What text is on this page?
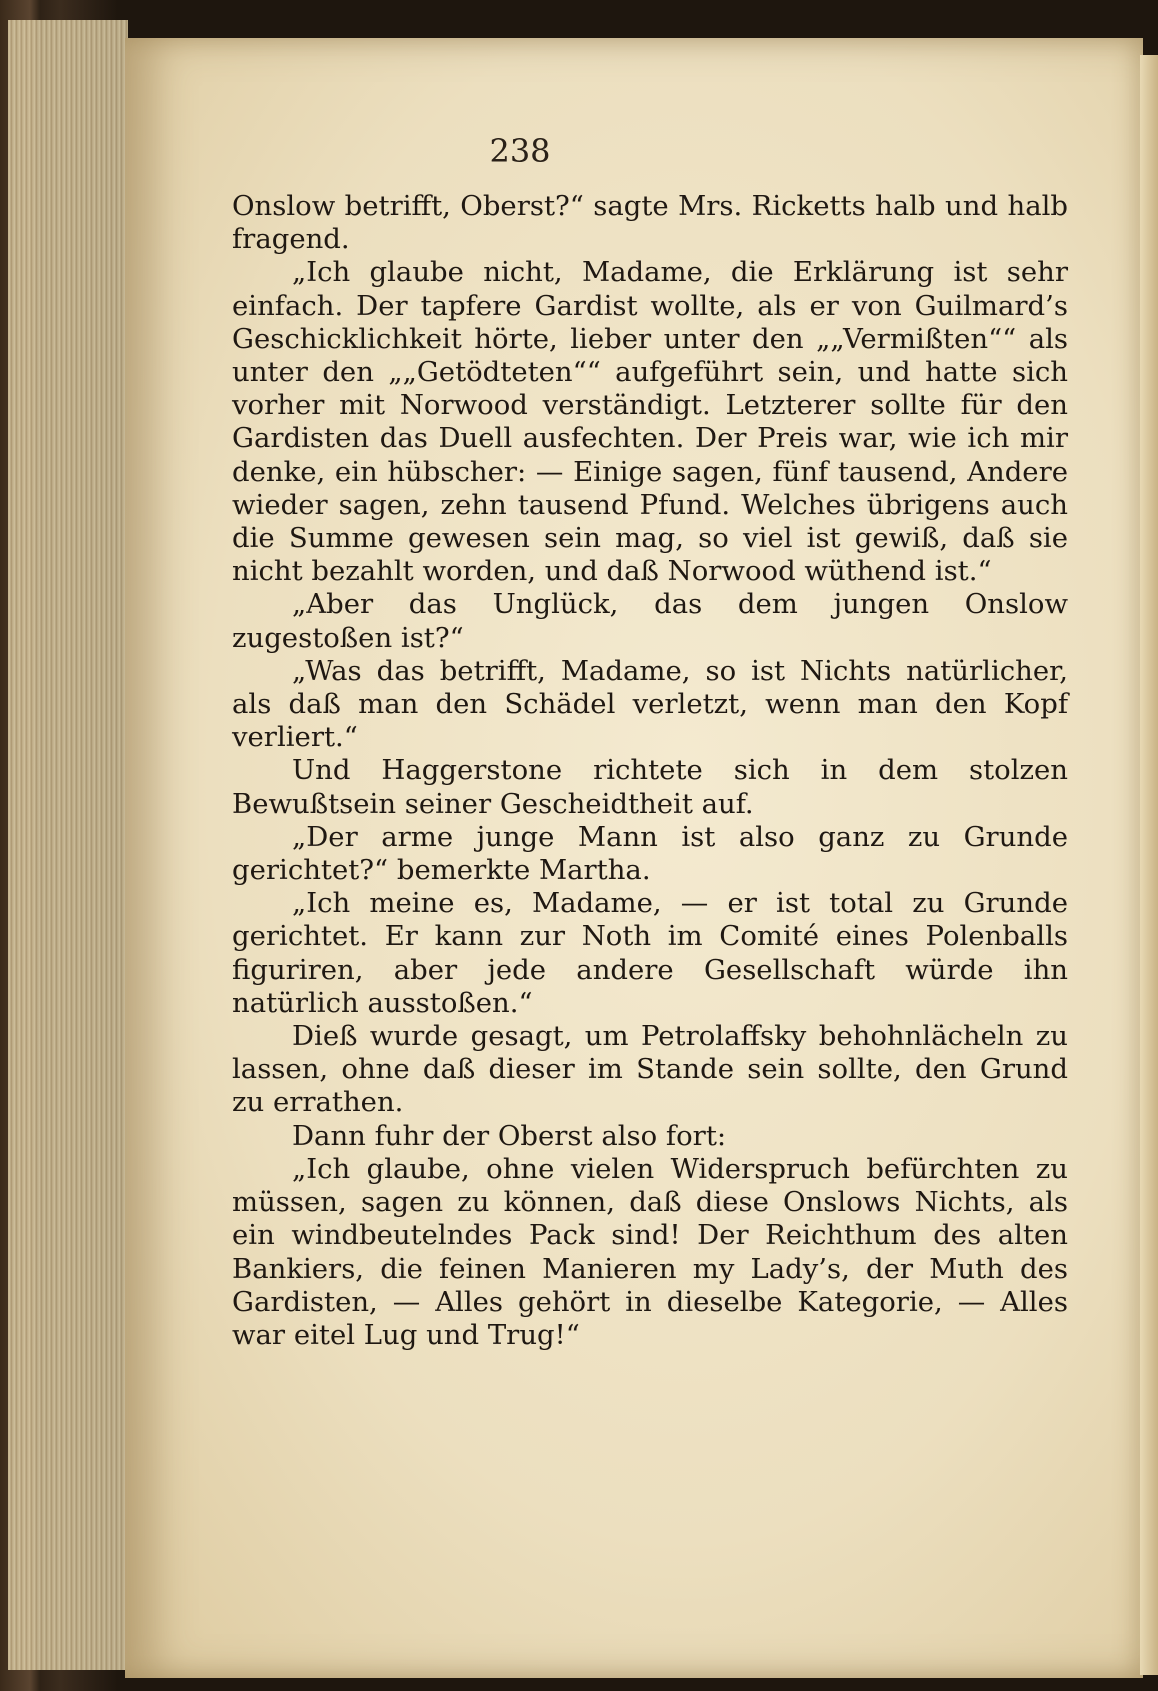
238

Onslow betrifft, Oberst?“ sagte Mrs. Ricketts halb und halb fragend.

„Ich glaube nicht, Madame, die Erklärung ist sehr einfach. Der tapfere Gardist wollte, als er von Guilmard’s Geschicklichkeit hörte, lieber unter den „„Vermißten““ als unter den „„Getödteten““ aufgeführt sein, und hatte sich vorher mit Norwood verständigt. Letzterer sollte für den Gardisten das Duell ausfechten. Der Preis war, wie ich mir denke, ein hübscher: — Einige sagen, fünf tausend, Andere wieder sagen, zehn tausend Pfund. Welches übrigens auch die Summe gewesen sein mag, so viel ist gewiß, daß sie nicht bezahlt worden, und daß Norwood wüthend ist.“

„Aber das Unglück, das dem jungen Onslow zugestoßen ist?“

„Was das betrifft, Madame, so ist Nichts natürlicher, als daß man den Schädel verletzt, wenn man den Kopf verliert.“

Und Haggerstone richtete sich in dem stolzen Bewußtsein seiner Gescheidtheit auf.

„Der arme junge Mann ist also ganz zu Grunde gerichtet?“ bemerkte Martha.

„Ich meine es, Madame, — er ist total zu Grunde gerichtet. Er kann zur Noth im Comité eines Polenballs figuriren, aber jede andere Gesellschaft würde ihn natürlich ausstoßen.“

Dieß wurde gesagt, um Petrolaffsky behohnlächeln zu lassen, ohne daß dieser im Stande sein sollte, den Grund zu errathen.

Dann fuhr der Oberst also fort:

„Ich glaube, ohne vielen Widerspruch befürchten zu müssen, sagen zu können, daß diese Onslows Nichts, als ein windbeutelndes Pack sind! Der Reichthum des alten Bankiers, die feinen Manieren my Lady’s, der Muth des Gardisten, — Alles gehört in dieselbe Kategorie, — Alles war eitel Lug und Trug!“
